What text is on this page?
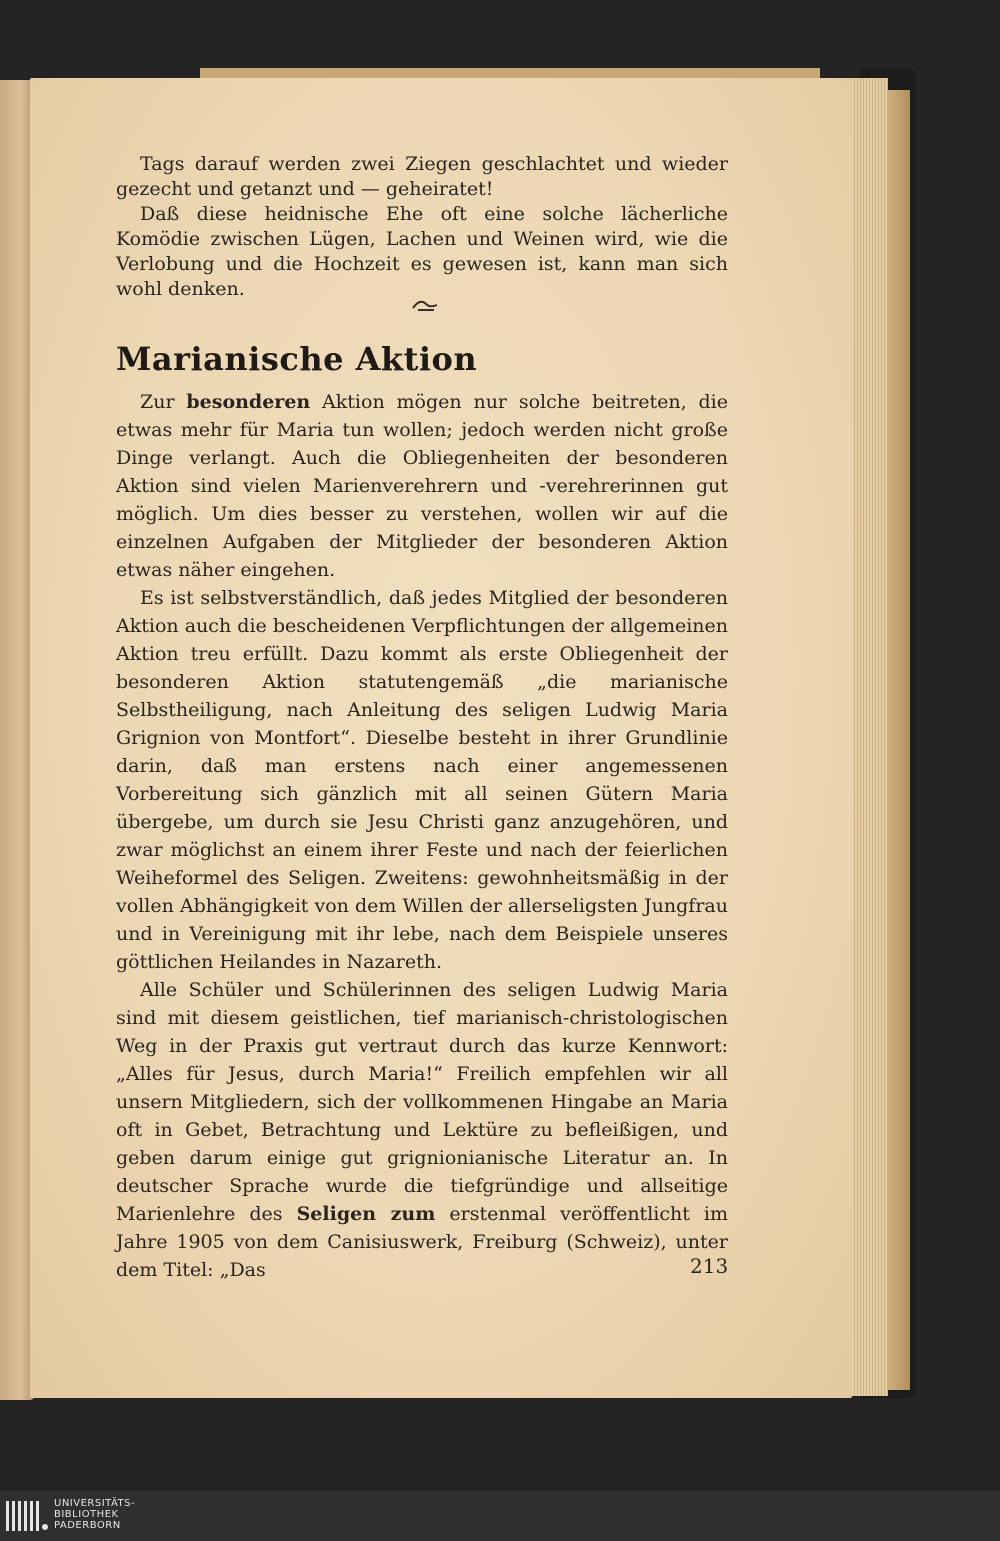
Tags darauf werden zwei Ziegen geschlachtet und wieder gezecht und getanzt und — geheiratet!

Daß diese heidnische Ehe oft eine solche lächerliche Komödie zwischen Lügen, Lachen und Weinen wird, wie die Verlobung und die Hochzeit es gewesen ist, kann man sich wohl denken.

Marianische Aktion

Zur besonderen Aktion mögen nur solche beitreten, die etwas mehr für Maria tun wollen; jedoch werden nicht große Dinge verlangt. Auch die Obliegenheiten der besonderen Aktion sind vielen Marienverehrern und -verehrerinnen gut möglich. Um dies besser zu verstehen, wollen wir auf die einzelnen Aufgaben der Mitglieder der besonderen Aktion etwas näher eingehen.

Es ist selbstverständlich, daß jedes Mitglied der besonderen Aktion auch die bescheidenen Verpflichtungen der allgemeinen Aktion treu erfüllt. Dazu kommt als erste Obliegenheit der besonderen Aktion statutengemäß „die marianische Selbstheiligung, nach Anleitung des seligen Ludwig Maria Grignion von Montfort“. Dieselbe besteht in ihrer Grundlinie darin, daß man erstens nach einer angemessenen Vorbereitung sich gänzlich mit all seinen Gütern Maria übergebe, um durch sie Jesu Christi ganz anzugehören, und zwar möglichst an einem ihrer Feste und nach der feierlichen Weiheformel des Seligen. Zweitens: gewohnheitsmäßig in der vollen Abhängigkeit von dem Willen der allerseligsten Jungfrau und in Vereinigung mit ihr lebe, nach dem Beispiele unseres göttlichen Heilandes in Nazareth.

Alle Schüler und Schülerinnen des seligen Ludwig Maria sind mit diesem geistlichen, tief marianisch-christologischen Weg in der Praxis gut vertraut durch das kurze Kennwort: „Alles für Jesus, durch Maria!“ Freilich empfehlen wir all unsern Mitgliedern, sich der vollkommenen Hingabe an Maria oft in Gebet, Betrachtung und Lektüre zu befleißigen, und geben darum einige gut grignionianische Literatur an. In deutscher Sprache wurde die tiefgründige und allseitige Marienlehre des Seligen zum erstenmal veröffentlicht im Jahre 1905 von dem Canisiuswerk, Freiburg (Schweiz), unter dem Titel: „Das	213
UNIVERSITÄTS-
BIBLIOTHEK
PADERBORN
